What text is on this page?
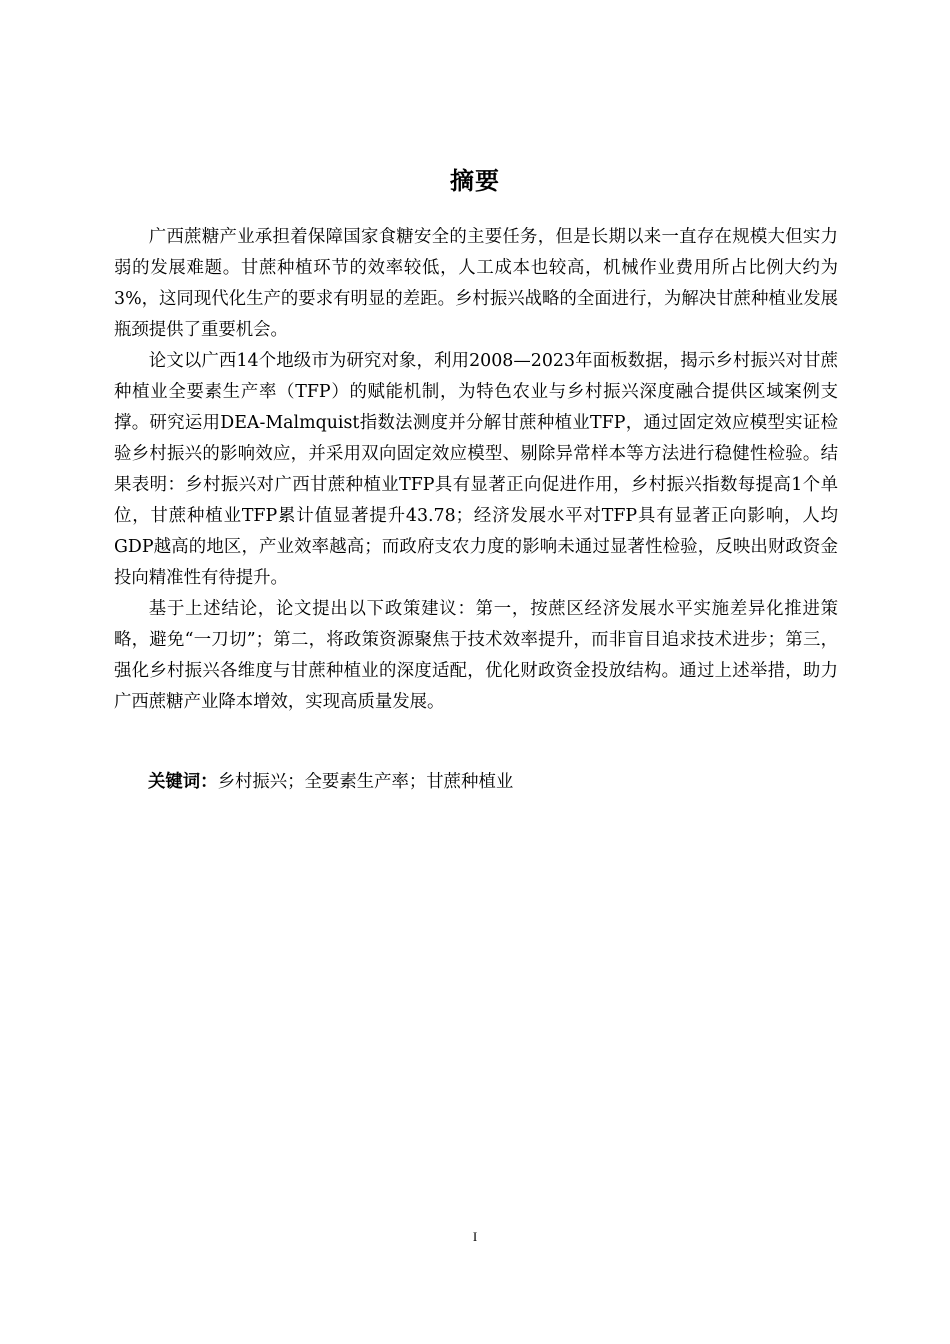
摘要

广西蔗糖产业承担着保障国家食糖安全的主要任务，但是长期以来一直存在规模大但实力弱的发展难题。甘蔗种植环节的效率较低，人工成本也较高，机械作业费用所占比例大约为3%，这同现代化生产的要求有明显的差距。乡村振兴战略的全面进行，为解决甘蔗种植业发展瓶颈提供了重要机会。

论文以广西14个地级市为研究对象，利用2008—2023年面板数据，揭示乡村振兴对甘蔗种植业全要素生产率（TFP）的赋能机制，为特色农业与乡村振兴深度融合提供区域案例支撑。研究运用DEA-Malmquist指数法测度并分解甘蔗种植业TFP，通过固定效应模型实证检验乡村振兴的影响效应，并采用双向固定效应模型、剔除异常样本等方法进行稳健性检验。结果表明：乡村振兴对广西甘蔗种植业TFP具有显著正向促进作用，乡村振兴指数每提高1个单位，甘蔗种植业TFP累计值显著提升43.78；经济发展水平对TFP具有显著正向影响，人均GDP越高的地区，产业效率越高；而政府支农力度的影响未通过显著性检验，反映出财政资金投向精准性有待提升。

基于上述结论，论文提出以下政策建议：第一，按蔗区经济发展水平实施差异化推进策略，避免“一刀切”；第二，将政策资源聚焦于技术效率提升，而非盲目追求技术进步；第三，强化乡村振兴各维度与甘蔗种植业的深度适配，优化财政资金投放结构。通过上述举措，助力广西蔗糖产业降本增效，实现高质量发展。

关键词：乡村振兴；全要素生产率；甘蔗种植业
I
